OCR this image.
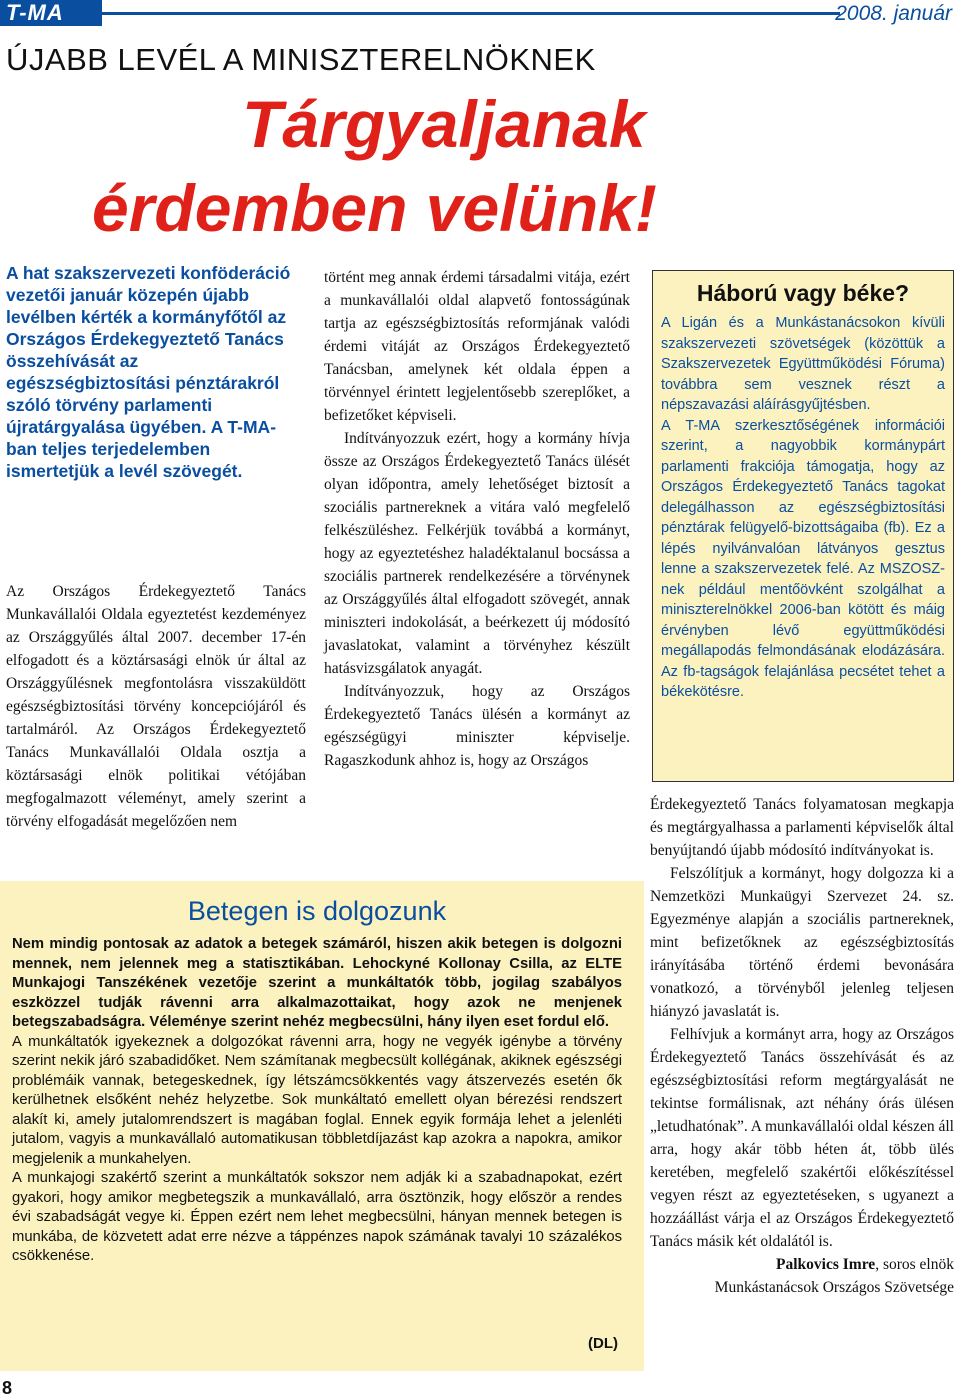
T-MA	2008. január
ÚJABB LEVÉL A MINISZTERELNÖKNEK
Tárgyaljanak
érdemben velünk!
A hat szakszervezeti konföderáció vezetői január közepén újabb levélben kérték a kormányfőtől az Országos Érdekegyeztető Tanács összehívását az egészségbiztosítási pénztárakról szóló törvény parlamenti újratárgyalása ügyében. A T-MA-ban teljes terjedelemben ismertetjük a levél szövegét.

Az Országos Érdekegyeztető Tanács Munkavállalói Oldala egyeztetést kezdeményez az Országgyűlés által 2007. december 17-én elfogadott és a köztársasági elnök úr által az Országgyűlésnek megfontolásra visszaküldött egészségbiztosítási törvény koncepciójáról és tartalmáról. Az Országos Érdekegyeztető Tanács Munkavállalói Oldala osztja a köztársasági elnök politikai vétójában megfogalmazott véleményt, amely szerint a törvény elfogadását megelőzően nem

történt meg annak érdemi társadalmi vitája, ezért a munkavállalói oldal alapvető fontosságúnak tartja az egészségbiztosítás reformjának valódi érdemi vitáját az Országos Érdekegyeztető Tanácsban, amelynek két oldala éppen a törvénnyel érintett legjelentősebb szereplőket, a befizetőket képviseli.

Indítványozzuk ezért, hogy a kormány hívja össze az Országos Érdekegyeztető Tanács ülését olyan időpontra, amely lehetőséget biztosít a szociális partnereknek a vitára való megfelelő felkészüléshez. Felkérjük továbbá a kormányt, hogy az egyeztetéshez haladéktalanul bocsássa a szociális partnerek rendelkezésére a törvénynek az Országgyűlés által elfogadott szövegét, annak miniszteri indokolását, a beérkezett új módosító javaslatokat, valamint a törvényhez készült hatásvizsgálatok anyagát.

Indítványozzuk, hogy az Országos Érdekegyeztető Tanács ülésén a kormányt az egészségügyi miniszter képviselje. Ragaszkodunk ahhoz is, hogy az Országos

Háború vagy béke?

A Ligán és a Munkástanácsokon kívüli szakszervezeti szövetségek (közöttük a Szakszervezetek Együttműködési Fóruma) továbbra sem vesznek részt a népszavazási aláírásgyűjtésben.

A T-MA szerkesztőségének információi szerint, a nagyobbik kormánypárt parlamenti frakciója támogatja, hogy az Országos Érdekegyeztető Tanács tagokat delegálhasson az egészségbiztosítási pénztárak felügyelő-bizottságaiba (fb). Ez a lépés nyilvánvalóan látványos gesztus lenne a szakszervezetek felé. Az MSZOSZ-nek például mentőövként szolgálhat a miniszterelnökkel 2006-ban kötött és máig érvényben lévő együttműködési megállapodás felmondásának elodázására. Az fb-tagságok felajánlása pecsétet tehet a békekötésre.

Érdekegyeztető Tanács folyamatosan megkapja és megtárgyalhassa a parlamenti képviselők által benyújtandó újabb módosító indítványokat is.

Felszólítjuk a kormányt, hogy dolgozza ki a Nemzetközi Munkaügyi Szervezet 24. sz. Egyezménye alapján a szociális partnereknek, mint befizetőknek az egészségbiztosítás irányításába történő érdemi bevonására vonatkozó, a törvényből jelenleg teljesen hiányzó javaslatát is.

Felhívjuk a kormányt arra, hogy az Országos Érdekegyeztető Tanács összehívását és az egészségbiztosítási reform megtárgyalását ne tekintse formálisnak, azt néhány órás ülésen „letudhatónak”. A munkavállalói oldal készen áll arra, hogy akár több héten át, több ülés keretében, megfelelő szakértői előkészítéssel vegyen részt az egyeztetéseken, s ugyanezt a hozzáállást várja el az Országos Érdekegyeztető Tanács másik két oldalától is.

Palkovics Imre, soros elnök Munkástanácsok Országos Szövetsége

Betegen is dolgozunk

Nem mindig pontosak az adatok a betegek számáról, hiszen akik betegen is dolgozni mennek, nem jelennek meg a statisztikában. Lehockyné Kollonay Csilla, az ELTE Munkajogi Tanszékének vezetője szerint a munkáltatók több, jogilag szabályos eszközzel tudják rávenni arra alkalmazottaikat, hogy azok ne menjenek betegszabadságra. Véleménye szerint nehéz megbecsülni, hány ilyen eset fordul elő.

A munkáltatók igyekeznek a dolgozókat rávenni arra, hogy ne vegyék igénybe a törvény szerint nekik járó szabadidőket. Nem számítanak megbecsült kollégának, akiknek egészségi problémáik vannak, betegeskednek, így létszámcsökkentés vagy átszervezés esetén ők kerülhetnek elsőként nehéz helyzetbe. Sok munkáltató emellett olyan bérezési rendszert alakít ki, amely jutalomrendszert is magában foglal. Ennek egyik formája lehet a jelenléti jutalom, vagyis a munkavállaló automatikusan többletdíjazást kap azokra a napokra, amikor megjelenik a munkahelyen.

A munkajogi szakértő szerint a munkáltatók sokszor nem adják ki a szabadnapokat, ezért gyakori, hogy amikor megbetegszik a munkavállaló, arra ösztönzik, hogy először a rendes évi szabadságát vegye ki. Éppen ezért nem lehet megbecsülni, hányan mennek betegen is munkába, de közvetett adat erre nézve a táppénzes napok számának tavalyi 10 százalékos csökkenése.

(DL)
8
